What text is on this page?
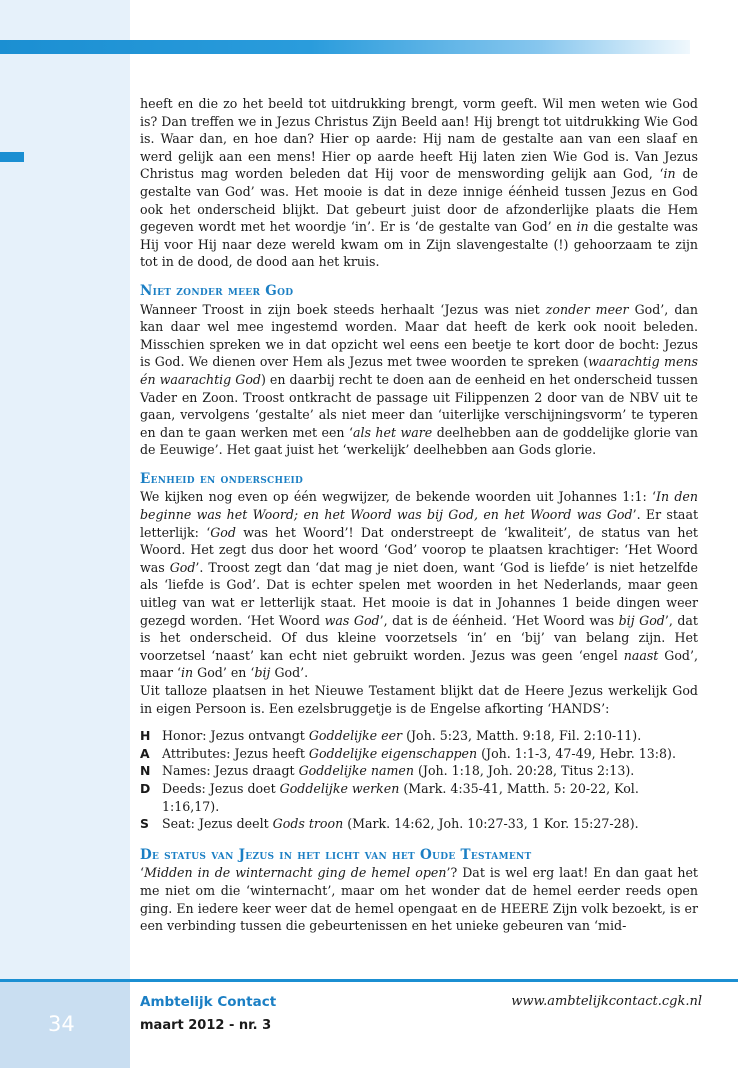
heeft en die zo het beeld tot uitdrukking brengt, vorm geeft. Wil men weten wie God is? Dan treffen we in Jezus Christus Zijn Beeld aan! Hij brengt tot uitdrukking Wie God is. Waar dan, en hoe dan? Hier op aarde: Hij nam de gestalte aan van een slaaf en werd gelijk aan een mens! Hier op aarde heeft Hij laten zien Wie God is. Van Jezus Christus mag worden beleden dat Hij voor de menswording gelijk aan God, ‘in de gestalte van God’ was. Het mooie is dat in deze innige éénheid tussen Jezus en God ook het onderscheid blijkt. Dat gebeurt juist door de afzonderlijke plaats die Hem gegeven wordt met het woordje ‘in’. Er is ‘de gestalte van God’ en in die gestalte was Hij voor Hij naar deze wereld kwam om in Zijn slavengestalte (!) gehoorzaam te zijn tot in de dood, de dood aan het kruis.

Niet zonder meer God

Wanneer Troost in zijn boek steeds herhaalt ‘Jezus was niet zonder meer God’, dan kan daar wel mee ingestemd worden. Maar dat heeft de kerk ook nooit beleden. Misschien spreken we in dat opzicht wel eens een beetje te kort door de bocht: Jezus is God. We dienen over Hem als Jezus met twee woorden te spreken (waarachtig mens én waarachtig God) en daarbij recht te doen aan de eenheid en het onderscheid tussen Vader en Zoon. Troost ontkracht de passage uit Filippenzen 2 door van de NBV uit te gaan, vervolgens ‘gestalte’ als niet meer dan ‘uiterlijke verschijningsvorm’ te typeren en dan te gaan werken met een ‘als het ware deelhebben aan de goddelijke glorie van de Eeuwige’. Het gaat juist het ‘werkelijk’ deelhebben aan Gods glorie.

Eenheid en onderscheid

We kijken nog even op één wegwijzer, de bekende woorden uit Johannes 1:1: ‘In den beginne was het Woord; en het Woord was bij God, en het Woord was God’. Er staat letterlijk: ‘God was het Woord’! Dat onderstreept de ‘kwaliteit’, de status van het Woord. Het zegt dus door het woord ‘God’ voorop te plaatsen krachtiger: ‘Het Woord was God’. Troost zegt dan ‘dat mag je niet doen, want ‘God is liefde’ is niet hetzelfde als ‘liefde is God’. Dat is echter spelen met woorden in het Nederlands, maar geen uitleg van wat er letterlijk staat. Het mooie is dat in Johannes 1 beide dingen weer gezegd worden. ‘Het Woord was God’, dat is de éénheid. ‘Het Woord was bij God’, dat is het onderscheid. Of dus kleine voorzetsels ‘in’ en ‘bij’ van belang zijn. Het voorzetsel ‘naast’ kan echt niet gebruikt worden. Jezus was geen ‘engel naast God’, maar ‘in God’ en ‘bij God’.

Uit talloze plaatsen in het Nieuwe Testament blijkt dat de Heere Jezus werkelijk God in eigen Persoon is. Een ezelsbruggetje is de Engelse afkorting ‘HANDS’:

H Honor: Jezus ontvangt Goddelijke eer (Joh. 5:23, Matth. 9:18, Fil. 2:10-11).
A Attributes: Jezus heeft Goddelijke eigenschappen (Joh. 1:1-3, 47-49, Hebr. 13:8).
N Names: Jezus draagt Goddelijke namen (Joh. 1:18, Joh. 20:28, Titus 2:13).
D Deeds: Jezus doet Goddelijke werken (Mark. 4:35-41, Matth. 5: 20-22, Kol. 1:16,17).
S	Seat: Jezus deelt Gods troon (Mark. 14:62, Joh. 10:27-33, 1 Kor. 15:27-28).
De status van Jezus in het licht van het Oude Testament

‘Midden in de winternacht ging de hemel open’? Dat is wel erg laat! En dan gaat het me niet om die ‘winternacht’, maar om het wonder dat de hemel eerder reeds open ging. En iedere keer weer dat de hemel opengaat en de HEERE Zijn volk bezoekt, is er een verbinding tussen die gebeurtenissen en het unieke gebeuren van ‘mid-

Ambtelijk Contact
maart 2012 - nr. 3
www.ambtelijkcontact.cgk.nl
34
